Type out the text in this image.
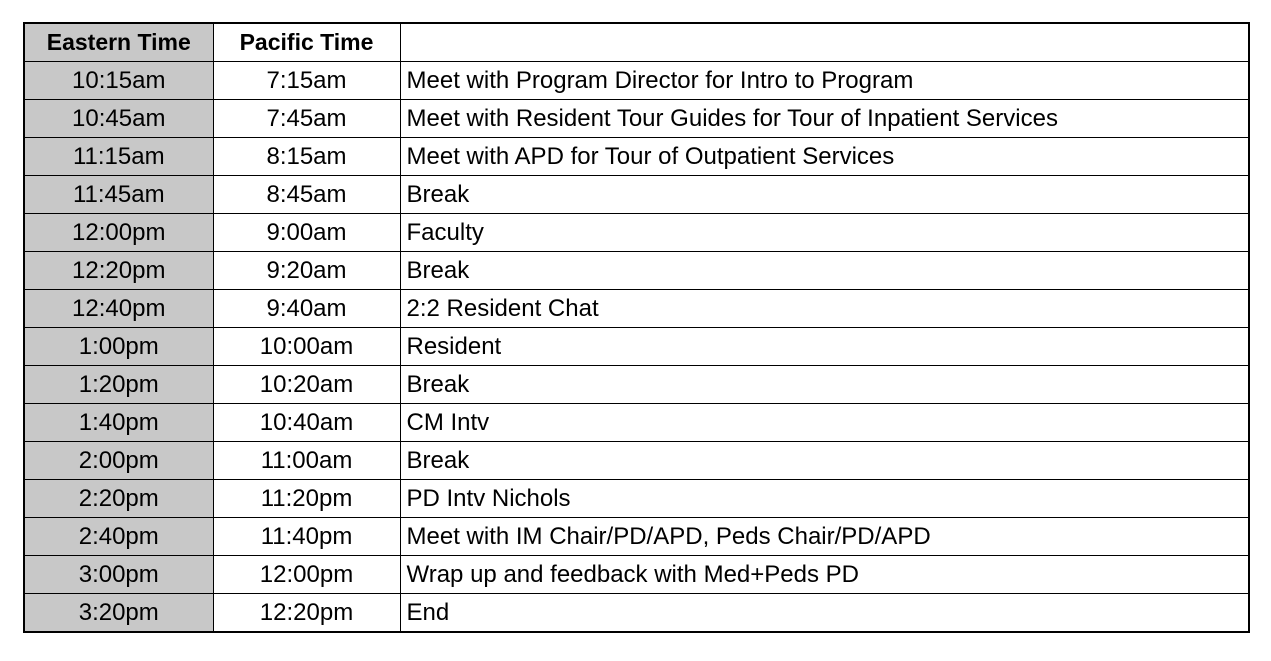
Eastern Time	Pacific Time	
10:15am	7:15am	Meet with Program Director for Intro to Program
10:45am	7:45am	Meet with Resident Tour Guides for Tour of Inpatient Services
11:15am	8:15am	Meet with APD for Tour of Outpatient Services
11:45am	8:45am	Break
12:00pm	9:00am	Faculty
12:20pm	9:20am	Break
12:40pm	9:40am	2:2 Resident Chat
1:00pm	10:00am	Resident
1:20pm	10:20am	Break
1:40pm	10:40am	CM Intv
2:00pm	11:00am	Break
2:20pm	11:20pm	PD Intv Nichols
2:40pm	11:40pm	Meet with IM Chair/PD/APD, Peds Chair/PD/APD
3:00pm	12:00pm	Wrap up and feedback with Med+Peds PD
3:20pm	12:20pm	End
